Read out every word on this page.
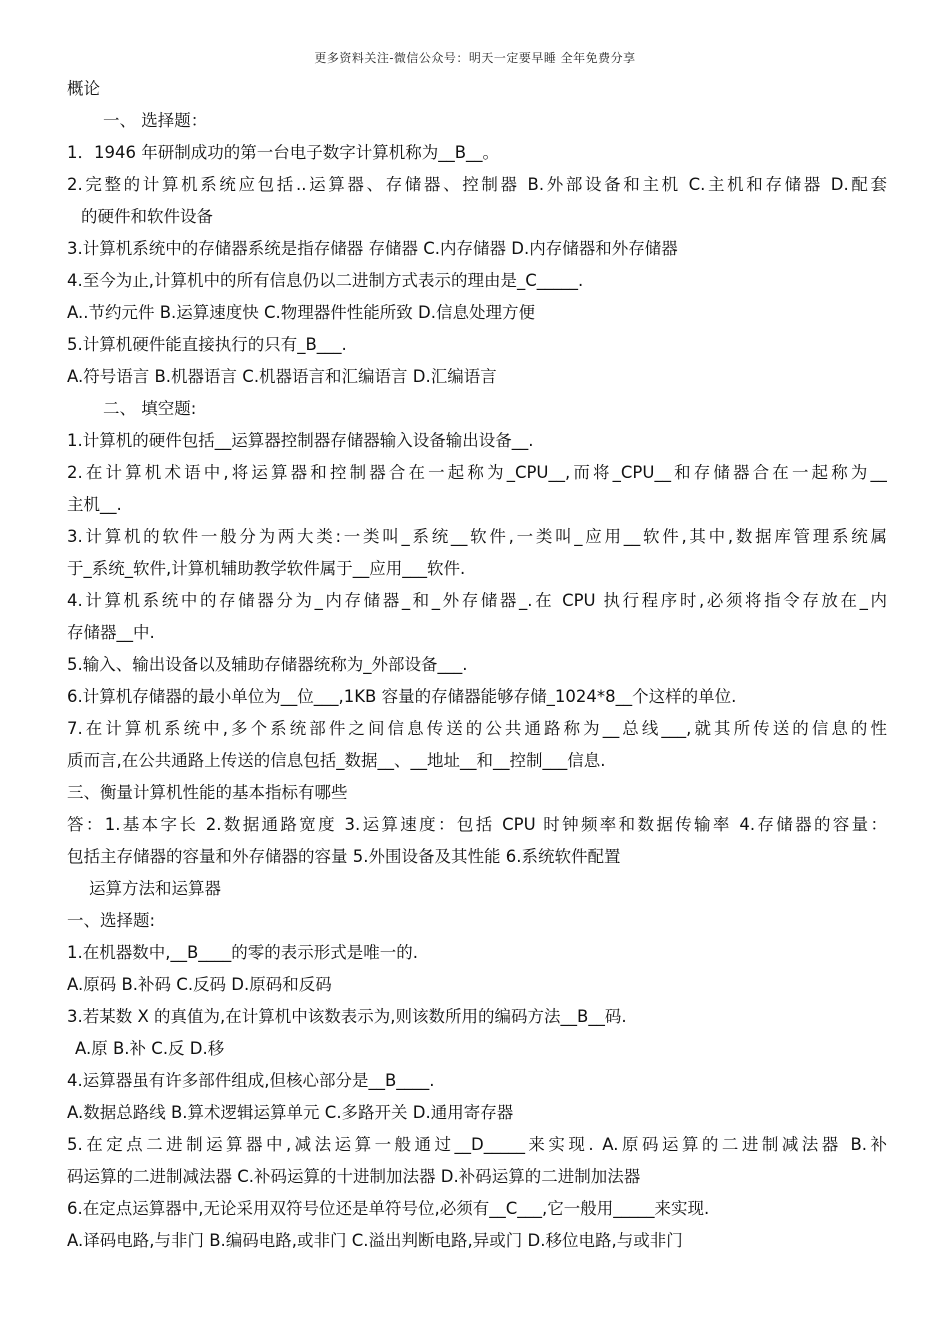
更多资料关注-微信公众号：明天一定要早睡 全年免费分享
概论
一、 选择题：
1．1946 年研制成功的第一台电子数字计算机称为__B__。
2.完整的计算机系统应包括..运算器、存储器、控制器 B.外部设备和主机 C.主机和存储器 D.配套
的硬件和软件设备
3.计算机系统中的存储器系统是指存储器 存储器 C.内存储器 D.内存储器和外存储器
4.至今为止,计算机中的所有信息仍以二进制方式表示的理由是_C_____.
A..节约元件 B.运算速度快 C.物理器件性能所致 D.信息处理方便
5.计算机硬件能直接执行的只有_B___.
A.符号语言 B.机器语言 C.机器语言和汇编语言 D.汇编语言
二、 填空题:
1.计算机的硬件包括__运算器控制器存储器输入设备输出设备__.
2.在计算机术语中,将运算器和控制器合在一起称为_CPU__,而将_CPU__和存储器合在一起称为__
主机__.
3.计算机的软件一般分为两大类:一类叫_系统__软件,一类叫_应用__软件,其中,数据库管理系统属
于_系统_软件,计算机辅助教学软件属于__应用___软件.
4.计算机系统中的存储器分为_内存储器_和_外存储器_.在 CPU 执行程序时,必须将指令存放在_内
存储器__中.
5.输入、输出设备以及辅助存储器统称为_外部设备___.
6.计算机存储器的最小单位为__位___,1KB 容量的存储器能够存储_1024*8__个这样的单位.
7.在计算机系统中,多个系统部件之间信息传送的公共通路称为__总线___,就其所传送的信息的性
质而言,在公共通路上传送的信息包括_数据__、__地址__和__控制___信息.
三、衡量计算机性能的基本指标有哪些
答：1.基本字长 2.数据通路宽度 3.运算速度：包括 CPU 时钟频率和数据传输率 4.存储器的容量：
包括主存储器的容量和外存储器的容量 5.外围设备及其性能 6.系统软件配置
运算方法和运算器
一、选择题:
1.在机器数中,__B____的零的表示形式是唯一的.
A.原码 B.补码 C.反码 D.原码和反码
3.若某数 X 的真值为,在计算机中该数表示为,则该数所用的编码方法__B__码.
A.原 B.补 C.反 D.移
4.运算器虽有许多部件组成,但核心部分是__B____.
A.数据总路线 B.算术逻辑运算单元 C.多路开关 D.通用寄存器
5.在定点二进制运算器中,减法运算一般通过__D_____来实现. A.原码运算的二进制减法器 B.补
码运算的二进制减法器 C.补码运算的十进制加法器 D.补码运算的二进制加法器
6.在定点运算器中,无论采用双符号位还是单符号位,必须有__C___,它一般用_____来实现.
A.译码电路,与非门 B.编码电路,或非门 C.溢出判断电路,异或门 D.移位电路,与或非门
